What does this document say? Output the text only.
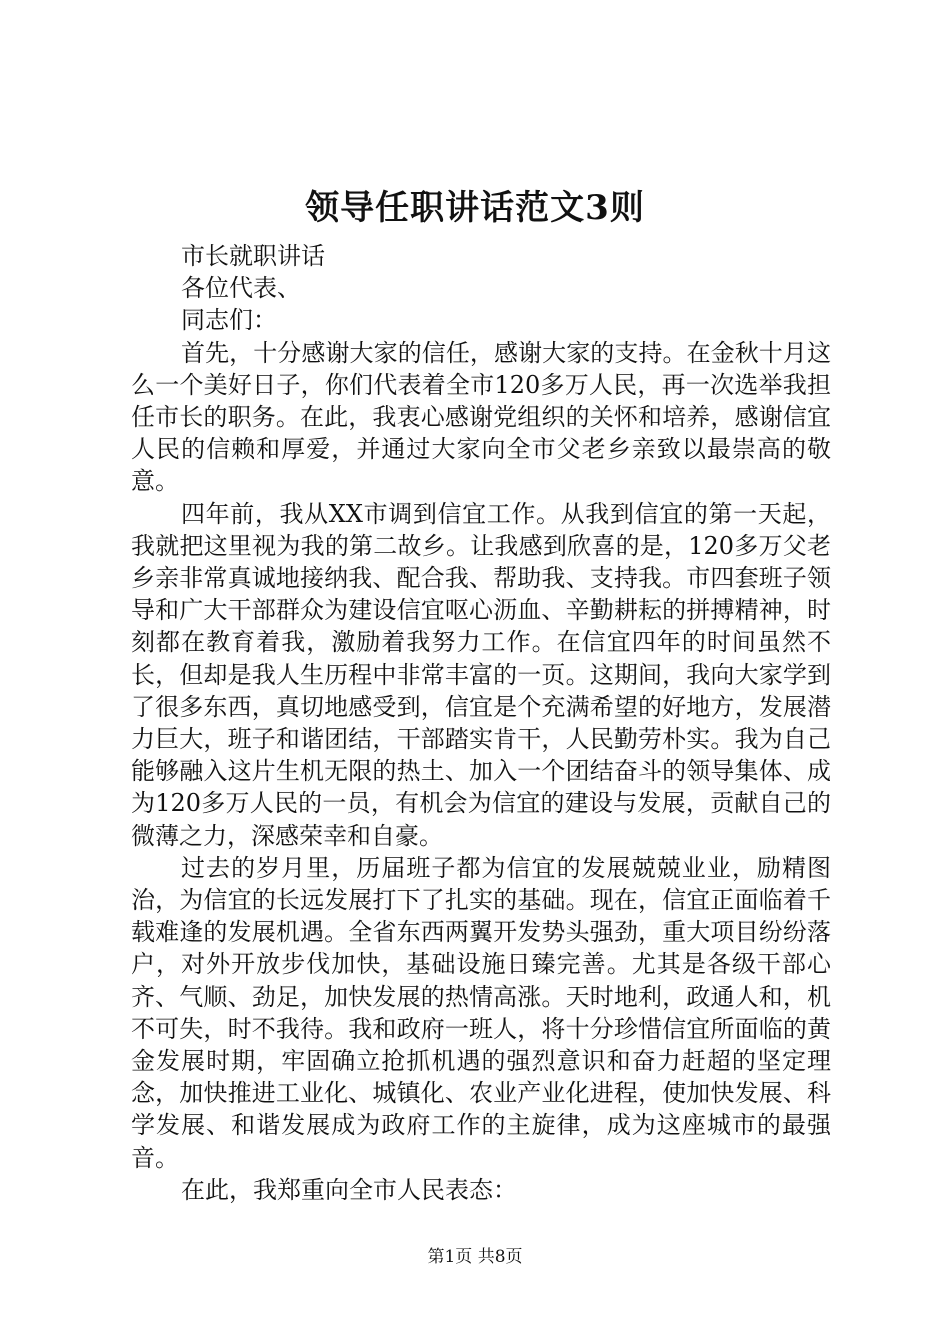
领导任职讲话范文3则
市长就职讲话
各位代表、
同志们：

首先，十分感谢大家的信任，感谢大家的支持。在金秋十月这么一个美好日子，你们代表着全市120多万人民，再一次选举我担任市长的职务。在此，我衷心感谢党组织的关怀和培养，感谢信宜人民的信赖和厚爱，并通过大家向全市父老乡亲致以最崇高的敬意。

四年前，我从XX市调到信宜工作。从我到信宜的第一天起，我就把这里视为我的第二故乡。让我感到欣喜的是，120多万父老乡亲非常真诚地接纳我、配合我、帮助我、支持我。市四套班子领导和广大干部群众为建设信宜呕心沥血、辛勤耕耘的拼搏精神，时刻都在教育着我，激励着我努力工作。在信宜四年的时间虽然不长，但却是我人生历程中非常丰富的一页。这期间，我向大家学到了很多东西，真切地感受到，信宜是个充满希望的好地方，发展潜力巨大，班子和谐团结，干部踏实肯干，人民勤劳朴实。我为自己能够融入这片生机无限的热土、加入一个团结奋斗的领导集体、成为120多万人民的一员，有机会为信宜的建设与发展，贡献自己的微薄之力，深感荣幸和自豪。

过去的岁月里，历届班子都为信宜的发展兢兢业业，励精图治，为信宜的长远发展打下了扎实的基础。现在，信宜正面临着千载难逢的发展机遇。全省东西两翼开发势头强劲，重大项目纷纷落户，对外开放步伐加快，基础设施日臻完善。尤其是各级干部心齐、气顺、劲足，加快发展的热情高涨。天时地利，政通人和，机不可失，时不我待。我和政府一班人，将十分珍惜信宜所面临的黄金发展时期，牢固确立抢抓机遇的强烈意识和奋力赶超的坚定理念，加快推进工业化、城镇化、农业产业化进程，使加快发展、科学发展、和谐发展成为政府工作的主旋律，成为这座城市的最强音。

在此，我郑重向全市人民表态：

第1页 共8页
